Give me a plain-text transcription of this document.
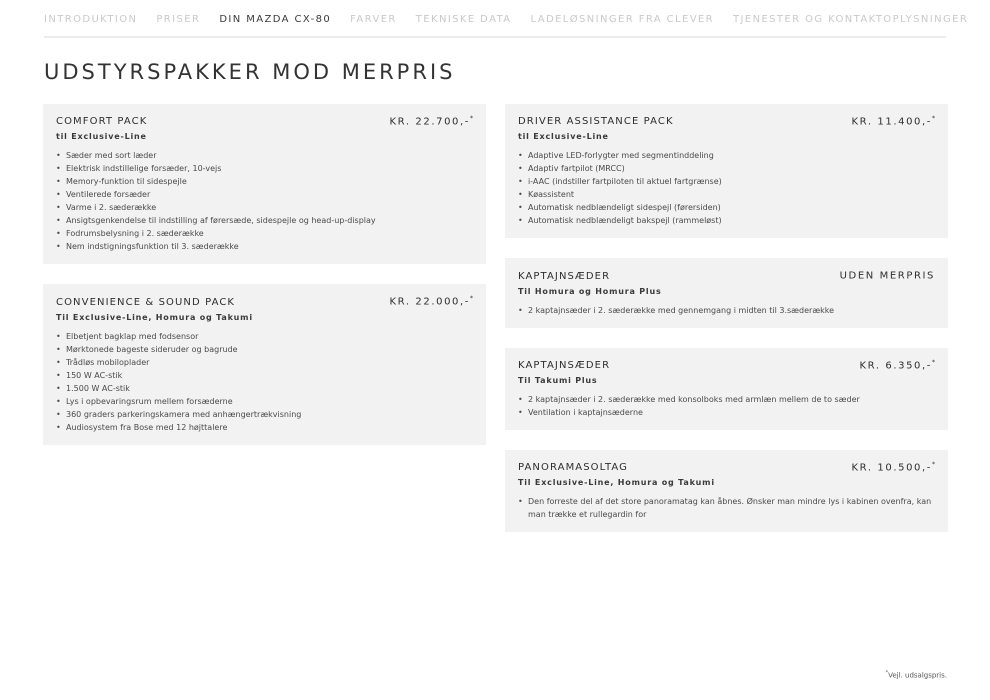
INTRODUKTION PRISER DIN MAZDA CX-80 FARVER TEKNISKE DATA LADELØSNINGER FRA CLEVER TJENESTER OG KONTAKTOPLYSNINGER
UDSTYRSPAKKER MOD MERPRIS
COMFORT PACK	KR. 22.700,-*
til Exclusive-Line
• Sæder med sort læder
• Elektrisk indstillelige forsæder, 10-vejs
• Memory-funktion til sidespejle
• Ventilerede forsæder
• Varme i 2. sæderække
• Ansigtsgenkendelse til indstilling af førersæde, sidespejle og head-up-display
• Fodrumsbelysning i 2. sæderække
• Nem indstigningsfunktion til 3. sæderække
CONVENIENCE & SOUND PACK	KR. 22.000,-*
Til Exclusive-Line, Homura og Takumi
• Elbetjent bagklap med fodsensor
• Mørktonede bageste sideruder og bagrude
• Trådløs mobiloplader
• 150 W AC-stik
• 1.500 W AC-stik
• Lys i opbevaringsrum mellem forsæderne
• 360 graders parkeringskamera med anhængertrækvisning
• Audiosystem fra Bose med 12 højttalere
DRIVER ASSISTANCE PACK	KR. 11.400,-*
til Exclusive-Line
• Adaptive LED-forlygter med segmentinddeling
• Adaptiv fartpilot (MRCC)
• i-AAC (indstiller fartpiloten til aktuel fartgrænse)
• Køassistent
• Automatisk nedblændeligt sidespejl (førersiden)
• Automatisk nedblændeligt bakspejl (rammeløst)
KAPTAJNSÆDER	UDEN MERPRIS
Til Homura og Homura Plus
• 2 kaptajnsæder i 2. sæderække med gennemgang i midten til 3.sæderække
KAPTAJNSÆDER	KR. 6.350,-*
Til Takumi Plus
• 2 kaptajnsæder i 2. sæderække med konsolboks med armlæn mellem de to sæder
• Ventilation i kaptajnsæderne
PANORAMASOLTAG	KR. 10.500,-*
Til Exclusive-Line, Homura og Takumi
• Den forreste del af det store panoramatag kan åbnes. Ønsker man mindre lys i kabinen ovenfra, kan man trække et rullegardin for
*Vejl. udsalgspris.
